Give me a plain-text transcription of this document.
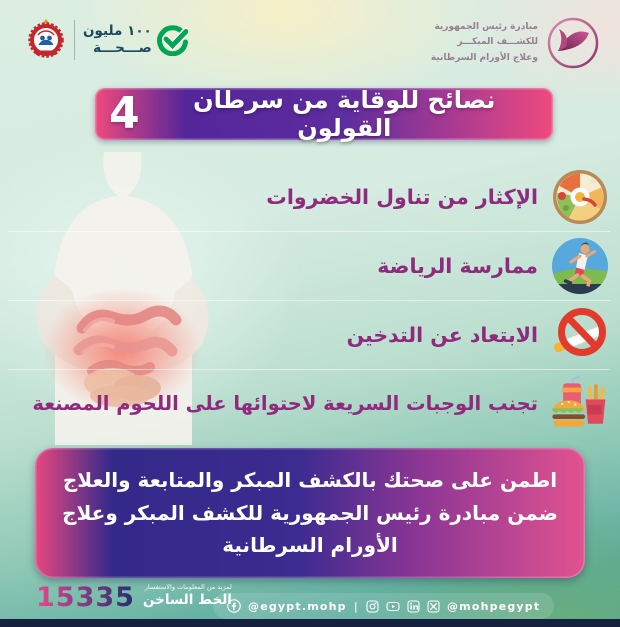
١٠٠ مليون
صـــحـــة
مبادرة رئيس الجمهورية
للكشـــف المبكـــر
وعلاج الأورام السرطانية
4	نصائح للوقاية من سرطان القولون
الإكثار من تناول الخضروات
ممارسة الرياضة
الابتعاد عن التدخين
تجنب الوجبات السريعة لاحتوائها على اللحوم المصنعة
اطمن على صحتك بالكشف المبكر والمتابعة والعلاج
ضمن مبادرة رئيس الجمهورية للكشف المبكر وعلاج
الأورام السرطانية
15335 لمزيد من المعلومات والاستفسار
الخط الساخن @egypt.mohp |	@mohpegypt
